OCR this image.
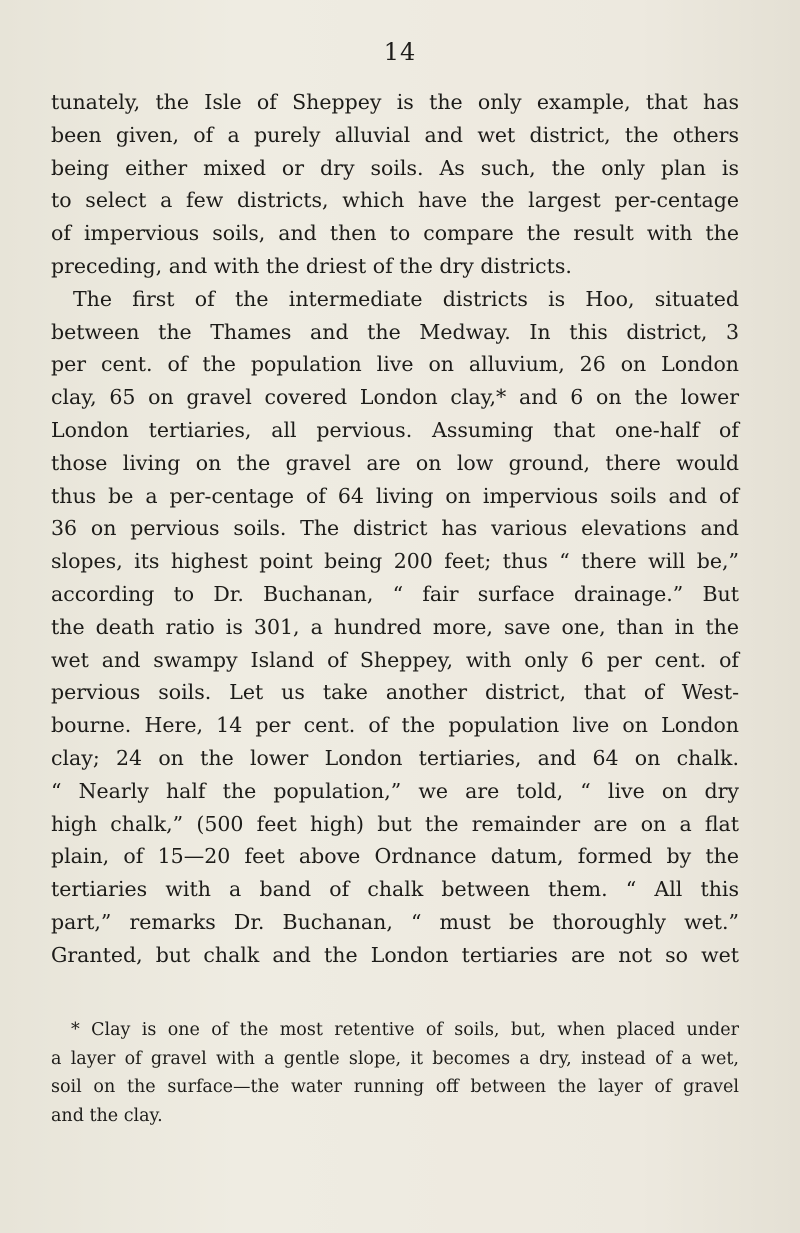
14
tunately, the Isle of Sheppey is the only example, that has
been given, of a purely alluvial and wet district, the others
being either mixed or dry soils. As such, the only plan is
to select a few districts, which have the largest per-centage
of impervious soils, and then to compare the result with the
preceding, and with the driest of the dry districts.
The first of the intermediate districts is Hoo, situated
between the Thames and the Medway. In this district, 3
per cent. of the population live on alluvium, 26 on London
clay, 65 on gravel covered London clay,* and 6 on the lower
London tertiaries, all pervious. Assuming that one-half of
those living on the gravel are on low ground, there would
thus be a per-centage of 64 living on impervious soils and of
36 on pervious soils. The district has various elevations and
slopes, its highest point being 200 feet; thus “ there will be,”
according to Dr. Buchanan, “ fair surface drainage.” But
the death ratio is 301, a hundred more, save one, than in the
wet and swampy Island of Sheppey, with only 6 per cent. of
pervious soils. Let us take another district, that of West-
bourne. Here, 14 per cent. of the population live on London
clay; 24 on the lower London tertiaries, and 64 on chalk.
“ Nearly half the population,” we are told, “ live on dry
high chalk,” (500 feet high) but the remainder are on a flat
plain, of 15—20 feet above Ordnance datum, formed by the
tertiaries with a band of chalk between them. “ All this
part,” remarks Dr. Buchanan, “ must be thoroughly wet.”
Granted, but chalk and the London tertiaries are not so wet
* Clay is one of the most retentive of soils, but, when placed under
a layer of gravel with a gentle slope, it becomes a dry, instead of a wet,
soil on the surface—the water running off between the layer of gravel
and the clay.
